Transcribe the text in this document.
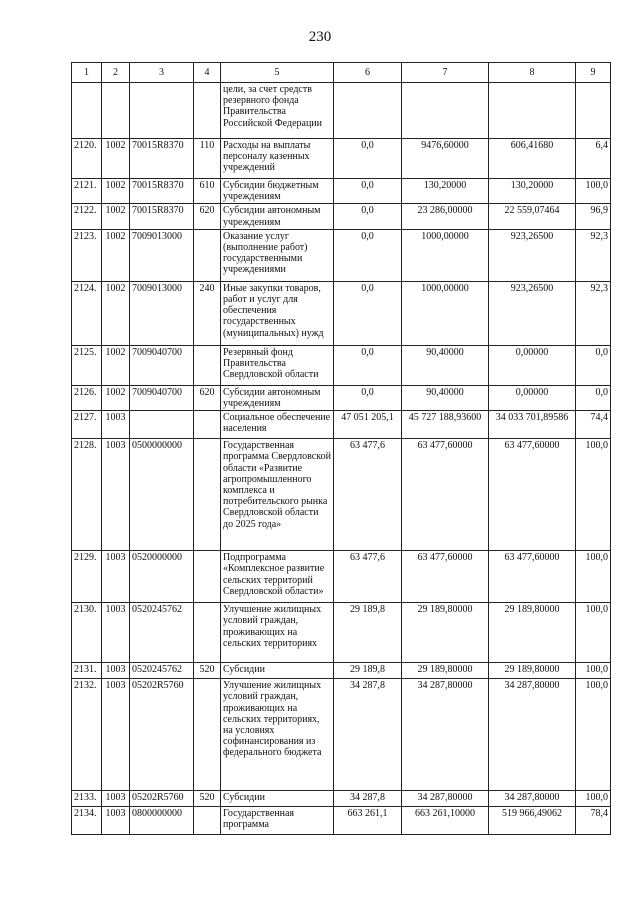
230
1	2	3	4	5	6	7	8	9
				цели, за счет средств резервного фонда Правительства Российской Федерации				
2120.	1002	70015R8370	110	Расходы на выплаты персоналу казенных учреждений	0,0	9476,60000	606,41680	6,4
2121.	1002	70015R8370	610	Субсидии бюджетным учреждениям	0,0	130,20000	130,20000	100,0
2122.	1002	70015R8370	620	Субсидии автономным учреждениям	0,0	23 286,00000	22 559,07464	96,9
2123.	1002	7009013000		Оказание услуг (выполнение работ) государственными учреждениями	0,0	1000,00000	923,26500	92,3
2124.	1002	7009013000	240	Иные закупки товаров, работ и услуг для обеспечения государственных (муниципальных) нужд	0,0	1000,00000	923,26500	92,3
2125.	1002	7009040700		Резервный фонд Правительства Свердловской области	0,0	90,40000	0,00000	0,0
2126.	1002	7009040700	620	Субсидии автономным учреждениям	0,0	90,40000	0,00000	0,0
2127.	1003			Социальное обеспечение населения	47 051 205,1	45 727 188,93600	34 033 701,89586	74,4
2128.	1003	0500000000		Государственная программа Свердловской области «Развитие агропромышленного комплекса и потребительского рынка Свердловской области до 2025 года»	63 477,6	63 477,60000	63 477,60000	100,0
2129.	1003	0520000000		Подпрограмма «Комплексное развитие сельских территорий Свердловской области»	63 477,6	63 477,60000	63 477,60000	100,0
2130.	1003	0520245762		Улучшение жилищных условий граждан, проживающих на сельских территориях	29 189,8	29 189,80000	29 189,80000	100,0
2131.	1003	0520245762	520	Субсидии	29 189,8	29 189,80000	29 189,80000	100,0
2132.	1003	05202R5760		Улучшение жилищных условий граждан, проживающих на сельских территориях, на условиях софинансирования из федерального бюджета	34 287,8	34 287,80000	34 287,80000	100,0
2133.	1003	05202R5760	520	Субсидии	34 287,8	34 287,80000	34 287,80000	100,0
2134.	1003	0800000000		Государственная программа	663 261,1	663 261,10000	519 966,49062	78,4
